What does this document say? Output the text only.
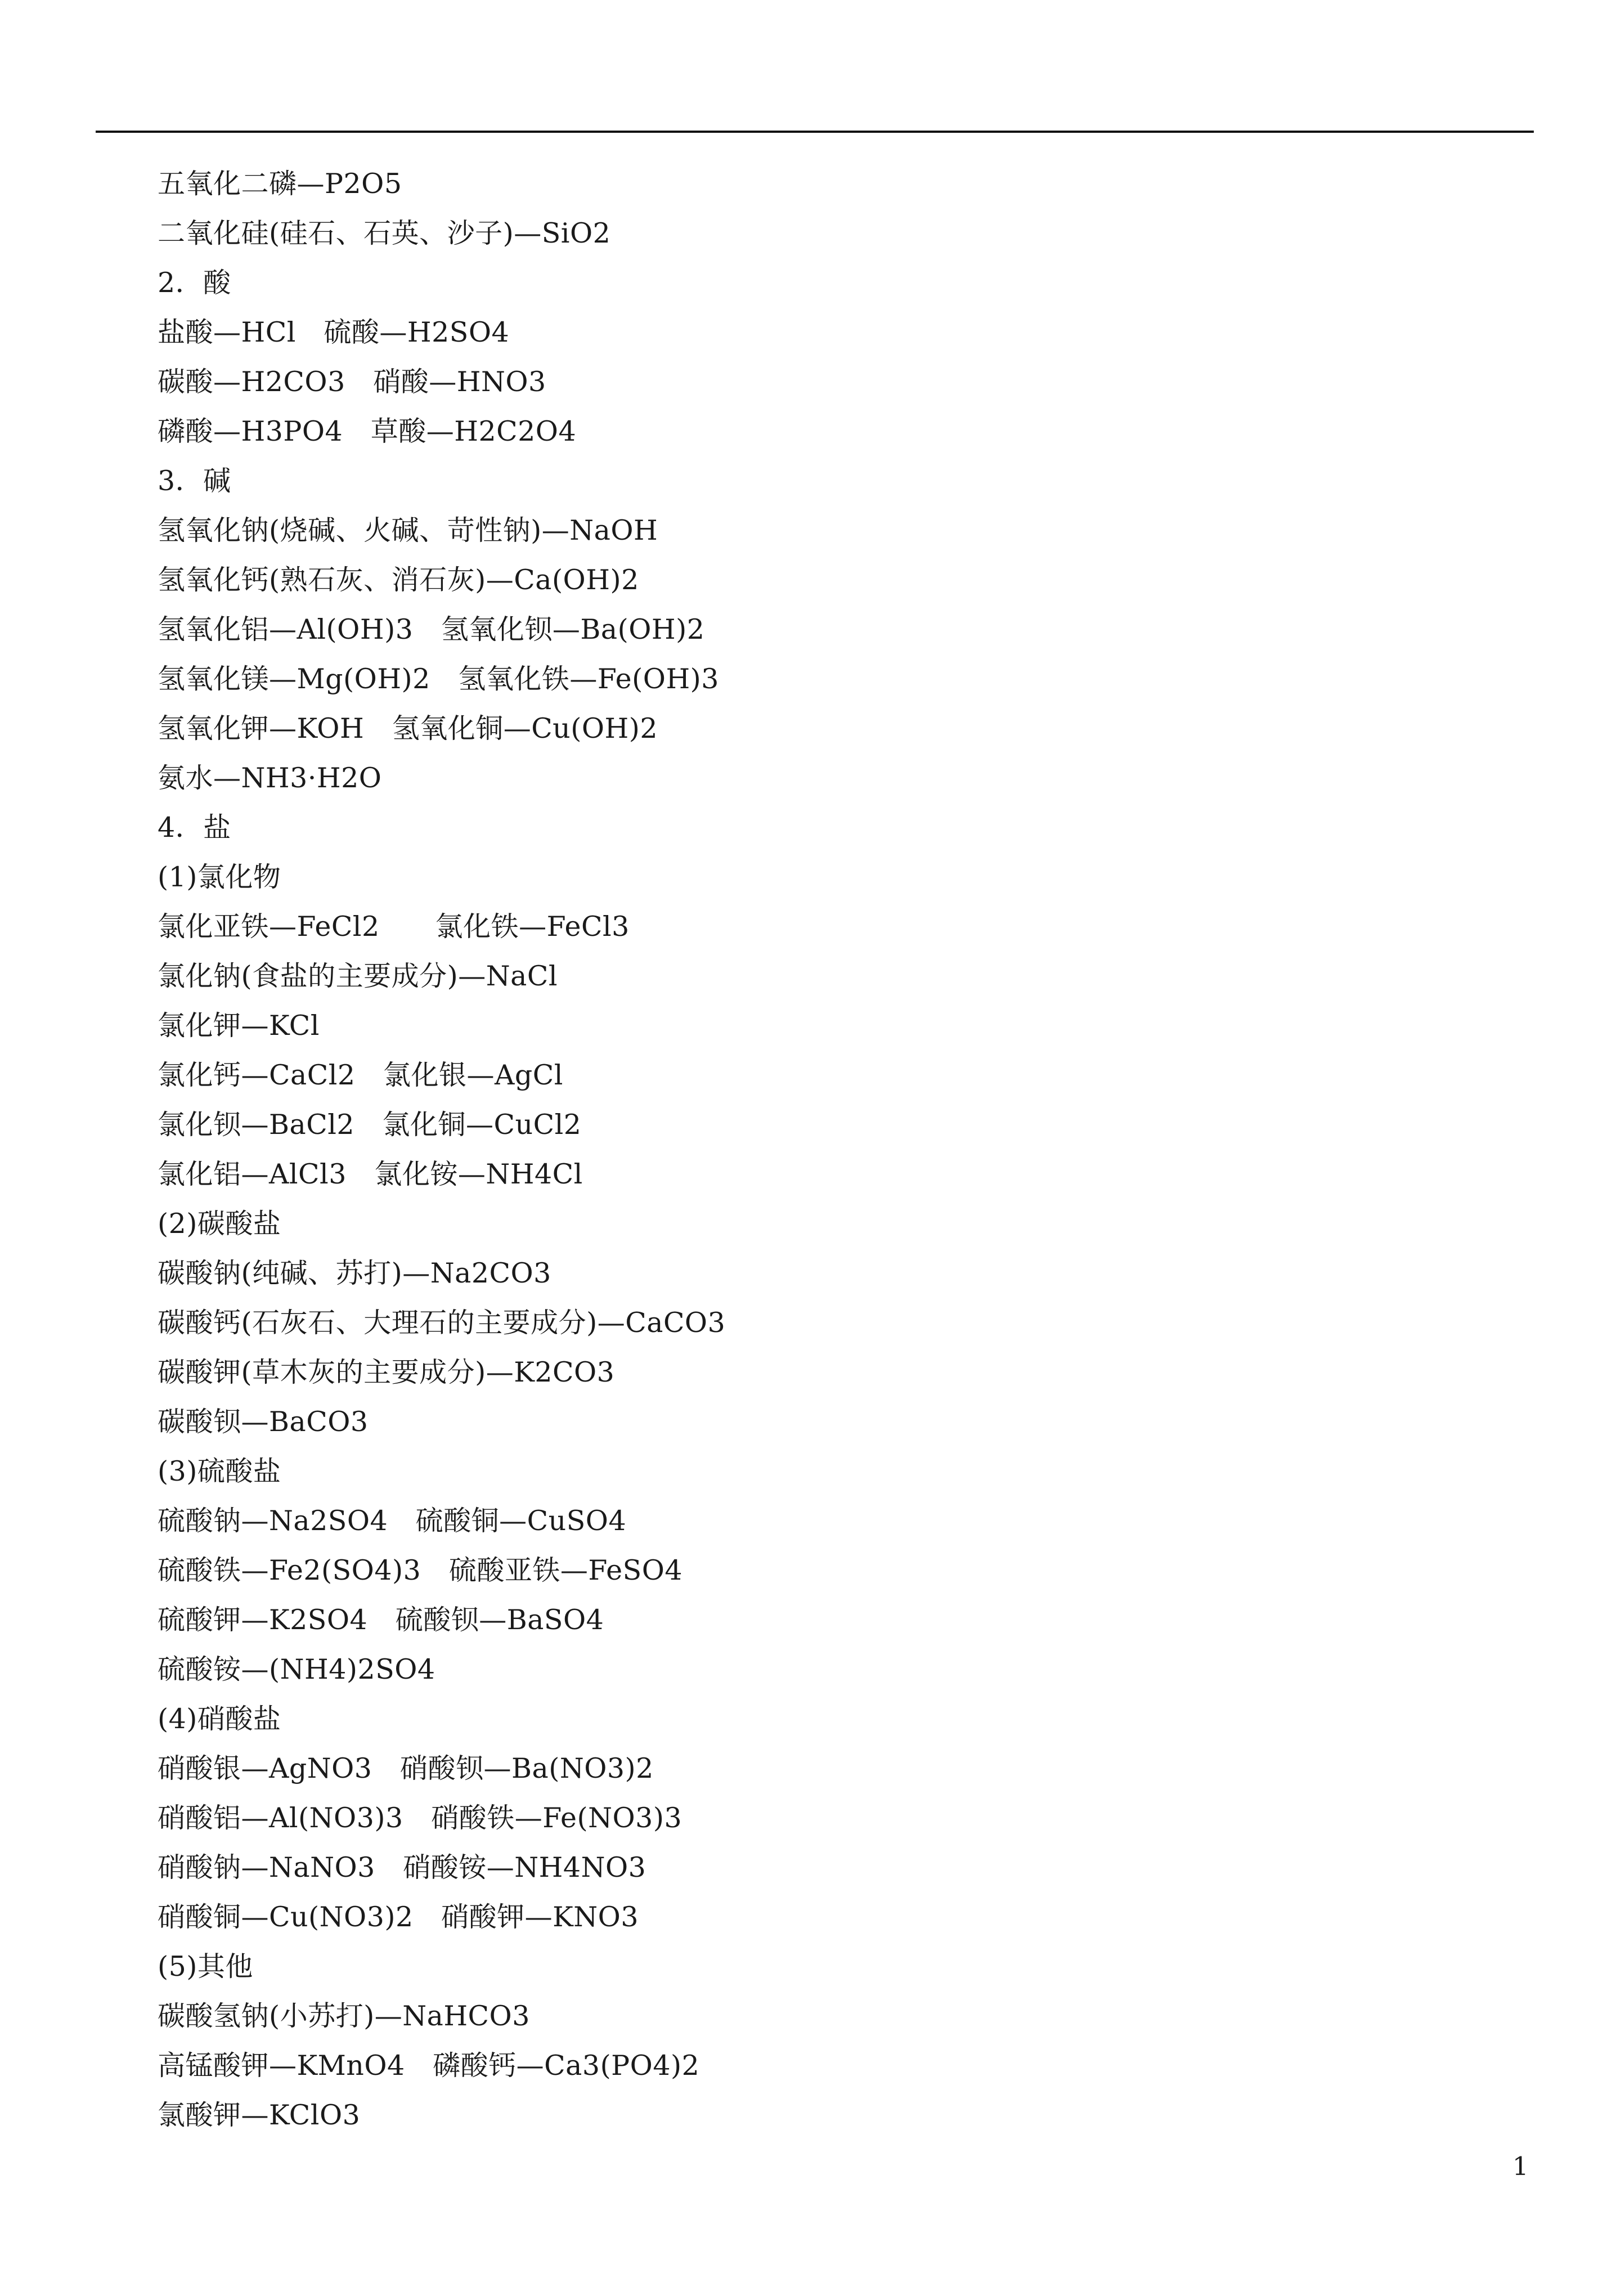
五氧化二磷—P2O5
二氧化硅(硅石、石英、沙子)—SiO2
2．酸
盐酸—HCl　硫酸—H2SO4
碳酸—H2CO3　硝酸—HNO3
磷酸—H3PO4　草酸—H2C2O4
3．碱
氢氧化钠(烧碱、火碱、苛性钠)—NaOH
氢氧化钙(熟石灰、消石灰)—Ca(OH)2
氢氧化铝—Al(OH)3　氢氧化钡—Ba(OH)2
氢氧化镁—Mg(OH)2　氢氧化铁—Fe(OH)3
氢氧化钾—KOH　氢氧化铜—Cu(OH)2
氨水—NH3·H2O
4．盐
(1)氯化物
氯化亚铁—FeCl2　　氯化铁—FeCl3
氯化钠(食盐的主要成分)—NaCl
氯化钾—KCl
氯化钙—CaCl2　氯化银—AgCl
氯化钡—BaCl2　氯化铜—CuCl2
氯化铝—AlCl3　氯化铵—NH4Cl
(2)碳酸盐
碳酸钠(纯碱、苏打)—Na2CO3
碳酸钙(石灰石、大理石的主要成分)—CaCO3
碳酸钾(草木灰的主要成分)—K2CO3
碳酸钡—BaCO3
(3)硫酸盐
硫酸钠—Na2SO4　硫酸铜—CuSO4
硫酸铁—Fe2(SO4)3　硫酸亚铁—FeSO4
硫酸钾—K2SO4　硫酸钡—BaSO4
硫酸铵—(NH4)2SO4
(4)硝酸盐
硝酸银—AgNO3　硝酸钡—Ba(NO3)2
硝酸铝—Al(NO3)3　硝酸铁—Fe(NO3)3
硝酸钠—NaNO3　硝酸铵—NH4NO3
硝酸铜—Cu(NO3)2　硝酸钾—KNO3
(5)其他
碳酸氢钠(小苏打)—NaHCO3
高锰酸钾—KMnO4　磷酸钙—Ca3(PO4)2
氯酸钾—KClO3
1
